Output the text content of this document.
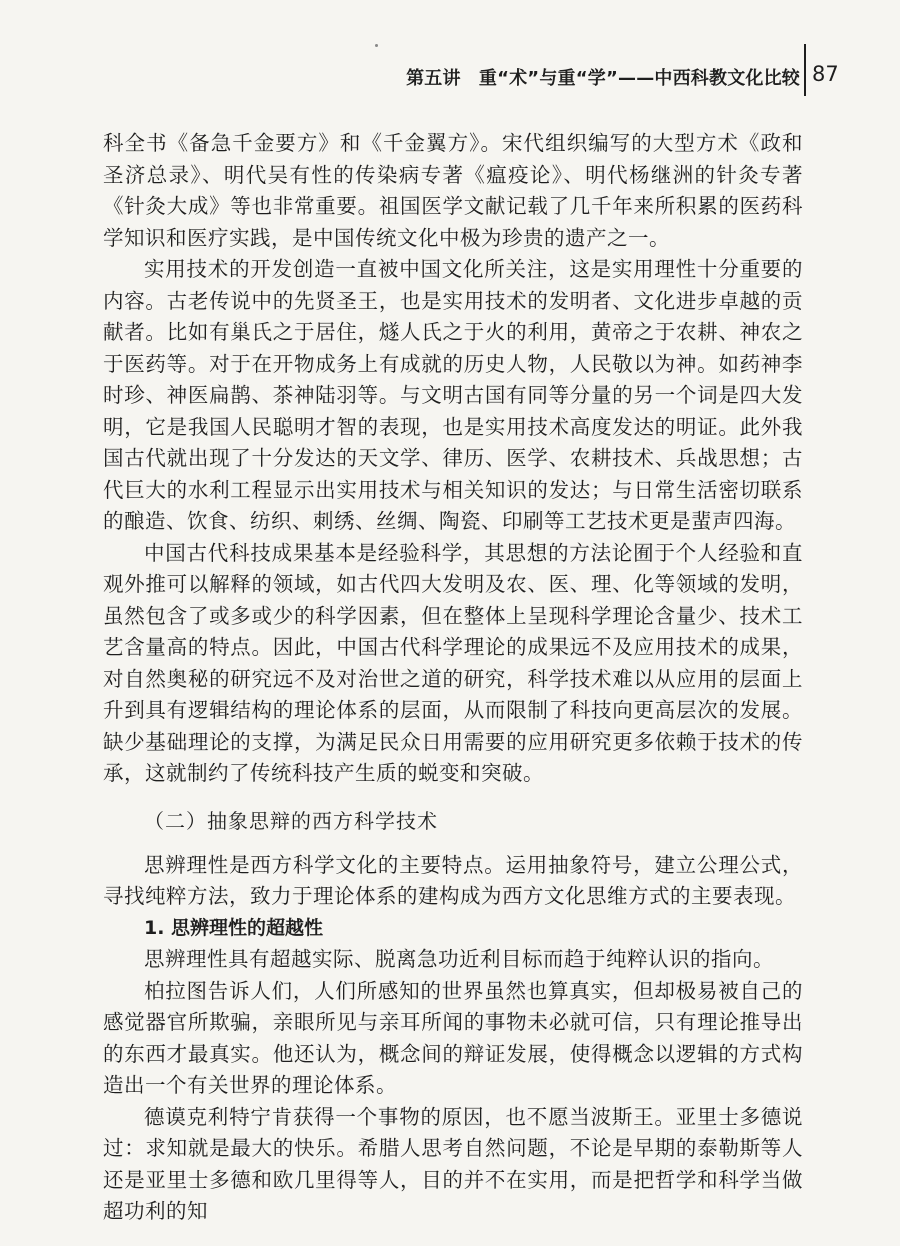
第五讲　重“术”与重“学”——中西科教文化比较 87

科全书《备急千金要方》和《千金翼方》。宋代组织编写的大型方术《政和圣济总录》、明代吴有性的传染病专著《瘟疫论》、明代杨继洲的针灸专著《针灸大成》等也非常重要。祖国医学文献记载了几千年来所积累的医药科学知识和医疗实践，是中国传统文化中极为珍贵的遗产之一。

实用技术的开发创造一直被中国文化所关注，这是实用理性十分重要的内容。古老传说中的先贤圣王，也是实用技术的发明者、文化进步卓越的贡献者。比如有巢氏之于居住，燧人氏之于火的利用，黄帝之于农耕、神农之于医药等。对于在开物成务上有成就的历史人物，人民敬以为神。如药神李时珍、神医扁鹊、茶神陆羽等。与文明古国有同等分量的另一个词是四大发明，它是我国人民聪明才智的表现，也是实用技术高度发达的明证。此外我国古代就出现了十分发达的天文学、律历、医学、农耕技术、兵战思想；古代巨大的水利工程显示出实用技术与相关知识的发达；与日常生活密切联系的酿造、饮食、纺织、刺绣、丝绸、陶瓷、印刷等工艺技术更是蜚声四海。

中国古代科技成果基本是经验科学，其思想的方法论囿于个人经验和直观外推可以解释的领域，如古代四大发明及农、医、理、化等领域的发明，虽然包含了或多或少的科学因素，但在整体上呈现科学理论含量少、技术工艺含量高的特点。因此，中国古代科学理论的成果远不及应用技术的成果，对自然奥秘的研究远不及对治世之道的研究，科学技术难以从应用的层面上升到具有逻辑结构的理论体系的层面，从而限制了科技向更高层次的发展。缺少基础理论的支撑，为满足民众日用需要的应用研究更多依赖于技术的传承，这就制约了传统科技产生质的蜕变和突破。

（二）抽象思辩的西方科学技术

思辨理性是西方科学文化的主要特点。运用抽象符号，建立公理公式，寻找纯粹方法，致力于理论体系的建构成为西方文化思维方式的主要表现。

1. 思辨理性的超越性

思辨理性具有超越实际、脱离急功近利目标而趋于纯粹认识的指向。

柏拉图告诉人们，人们所感知的世界虽然也算真实，但却极易被自己的感觉器官所欺骗，亲眼所见与亲耳所闻的事物未必就可信，只有理论推导出的东西才最真实。他还认为，概念间的辩证发展，使得概念以逻辑的方式构造出一个有关世界的理论体系。

德谟克利特宁肯获得一个事物的原因，也不愿当波斯王。亚里士多德说过：求知就是最大的快乐。希腊人思考自然问题，不论是早期的泰勒斯等人还是亚里士多德和欧几里得等人，目的并不在实用，而是把哲学和科学当做超功利的知
